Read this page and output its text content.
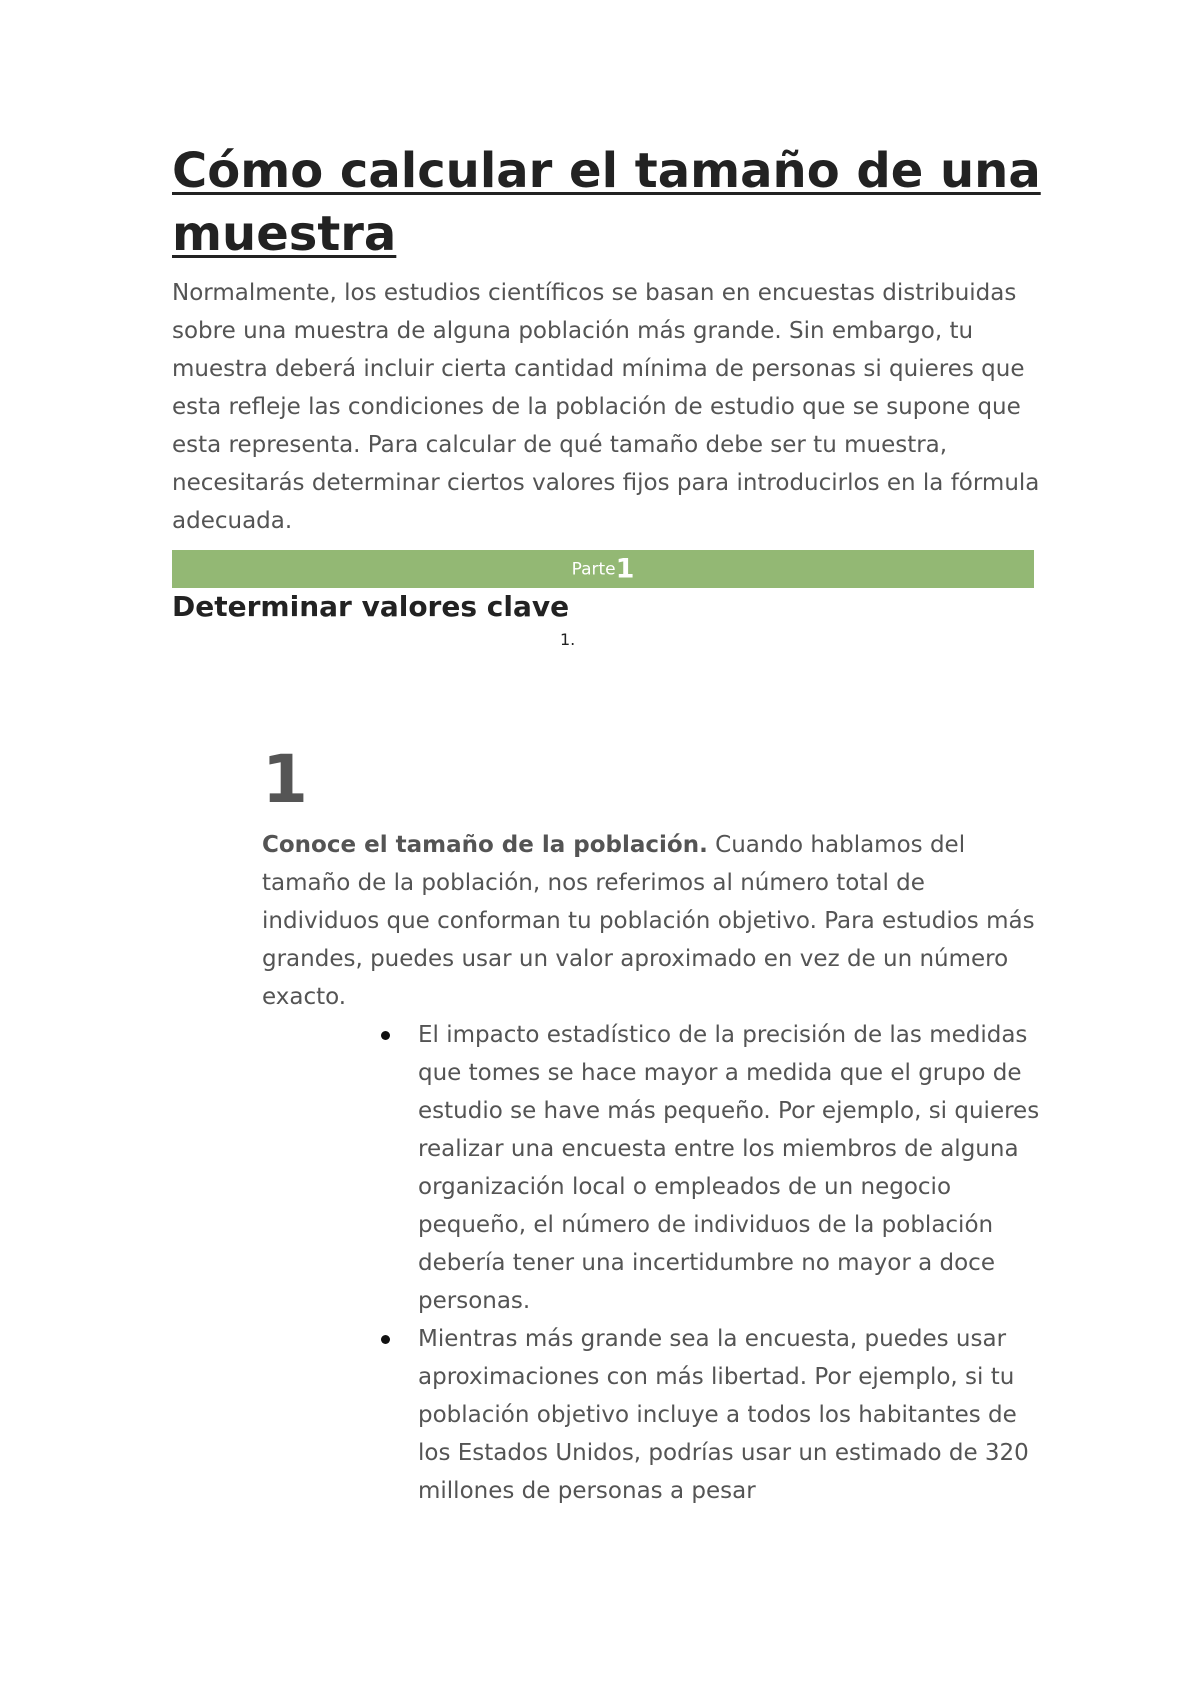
Cómo calcular el tamaño de una muestra

Normalmente, los estudios científicos se basan en encuestas distribuidas sobre una muestra de alguna población más grande. Sin embargo, tu muestra deberá incluir cierta cantidad mínima de personas si quieres que esta refleje las condiciones de la población de estudio que se supone que esta representa. Para calcular de qué tamaño debe ser tu muestra, necesitarás determinar ciertos valores fijos para introducirlos en la fórmula adecuada.

Parte1
Determinar valores clave
1.
1

Conoce el tamaño de la población. Cuando hablamos del tamaño de la población, nos referimos al número total de individuos que conforman tu población objetivo. Para estudios más grandes, puedes usar un valor aproximado en vez de un número exacto.

El impacto estadístico de la precisión de las medidas que tomes se hace mayor a medida que el grupo de estudio se have más pequeño. Por ejemplo, si quieres realizar una encuesta entre los miembros de alguna organización local o empleados de un negocio pequeño, el número de individuos de la población debería tener una incertidumbre no mayor a doce personas.
Mientras más grande sea la encuesta, puedes usar aproximaciones con más libertad. Por ejemplo, si tu población objetivo incluye a todos los habitantes de los Estados Unidos, podrías usar un estimado de 320 millones de personas a pesar
